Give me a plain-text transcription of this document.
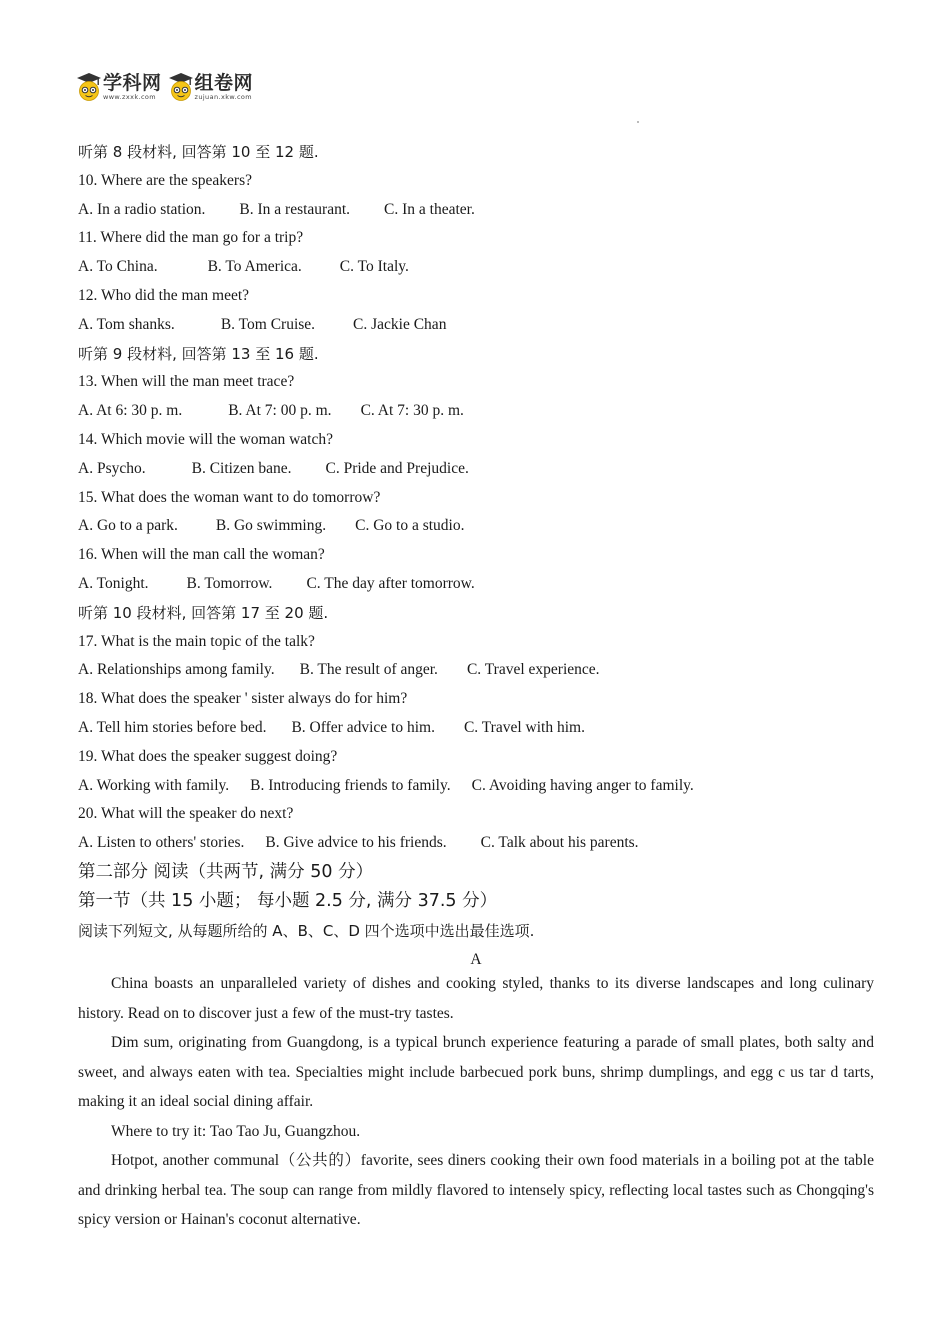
学科网
www.zxxk.com
组卷网
zujuan.xkw.com
听第 8 段材料, 回答第 10 至 12 题.
10. Where are the speakers?
A. In a radio station. B. In a restaurant. C. In a theater.
11. Where did the man go for a trip?
A. To China.	B. To America. C. To Italy.
12. Who did the man meet?
A. Tom shanks.	B. Tom Cruise. C. Jackie Chan
听第 9 段材料, 回答第 13 至 16 题.
13. When will the man meet trace?
A. At 6: 30 p. m.	B. At 7: 00 p. m. C. At 7: 30 p. m.
14. Which movie will the woman watch?
A. Psycho.	B. Citizen bane. C. Pride and Prejudice.
15. What does the woman want to do tomorrow?
A. Go to a park. B. Go swimming. C. Go to a studio.
16. When will the man call the woman?
A. Tonight. B. Tomorrow. C. The day after tomorrow.
听第 10 段材料, 回答第 17 至 20 题.
17. What is the main topic of the talk?
A. Relationships among family. B. The result of anger. C. Travel experience.
18. What does the speaker ' sister always do for him?
A. Tell him stories before bed. B. Offer advice to him. C. Travel with him.
19. What does the speaker suggest doing?
A. Working with family. B. Introducing friends to family. C. Avoiding having anger to family.
20. What will the speaker do next?
A. Listen to others' stories. B. Give advice to his friends. C. Talk about his parents.
第二部分 阅读（共两节, 满分 50 分）
第一节（共 15 小题； 每小题 2.5 分, 满分 37.5 分）
阅读下列短文, 从每题所给的 A、B、C、D 四个选项中选出最佳选项.
A
China boasts an unparalleled variety of dishes and cooking styled, thanks to its diverse landscapes and long culinary history. Read on to discover just a few of the must-try tastes.
Dim sum, originating from Guangdong, is a typical brunch experience featuring a parade of small plates, both salty and sweet, and always eaten with tea. Specialties might include barbecued pork buns, shrimp dumplings, and egg c us tar d tarts, making it an ideal social dining affair.
Where to try it: Tao Tao Ju, Guangzhou.
Hotpot, another communal（公共的）favorite, sees diners cooking their own food materials in a boiling pot at the table and drinking herbal tea. The soup can range from mildly flavored to intensely spicy, reflecting local tastes such as Chongqing's spicy version or Hainan's coconut alternative.
